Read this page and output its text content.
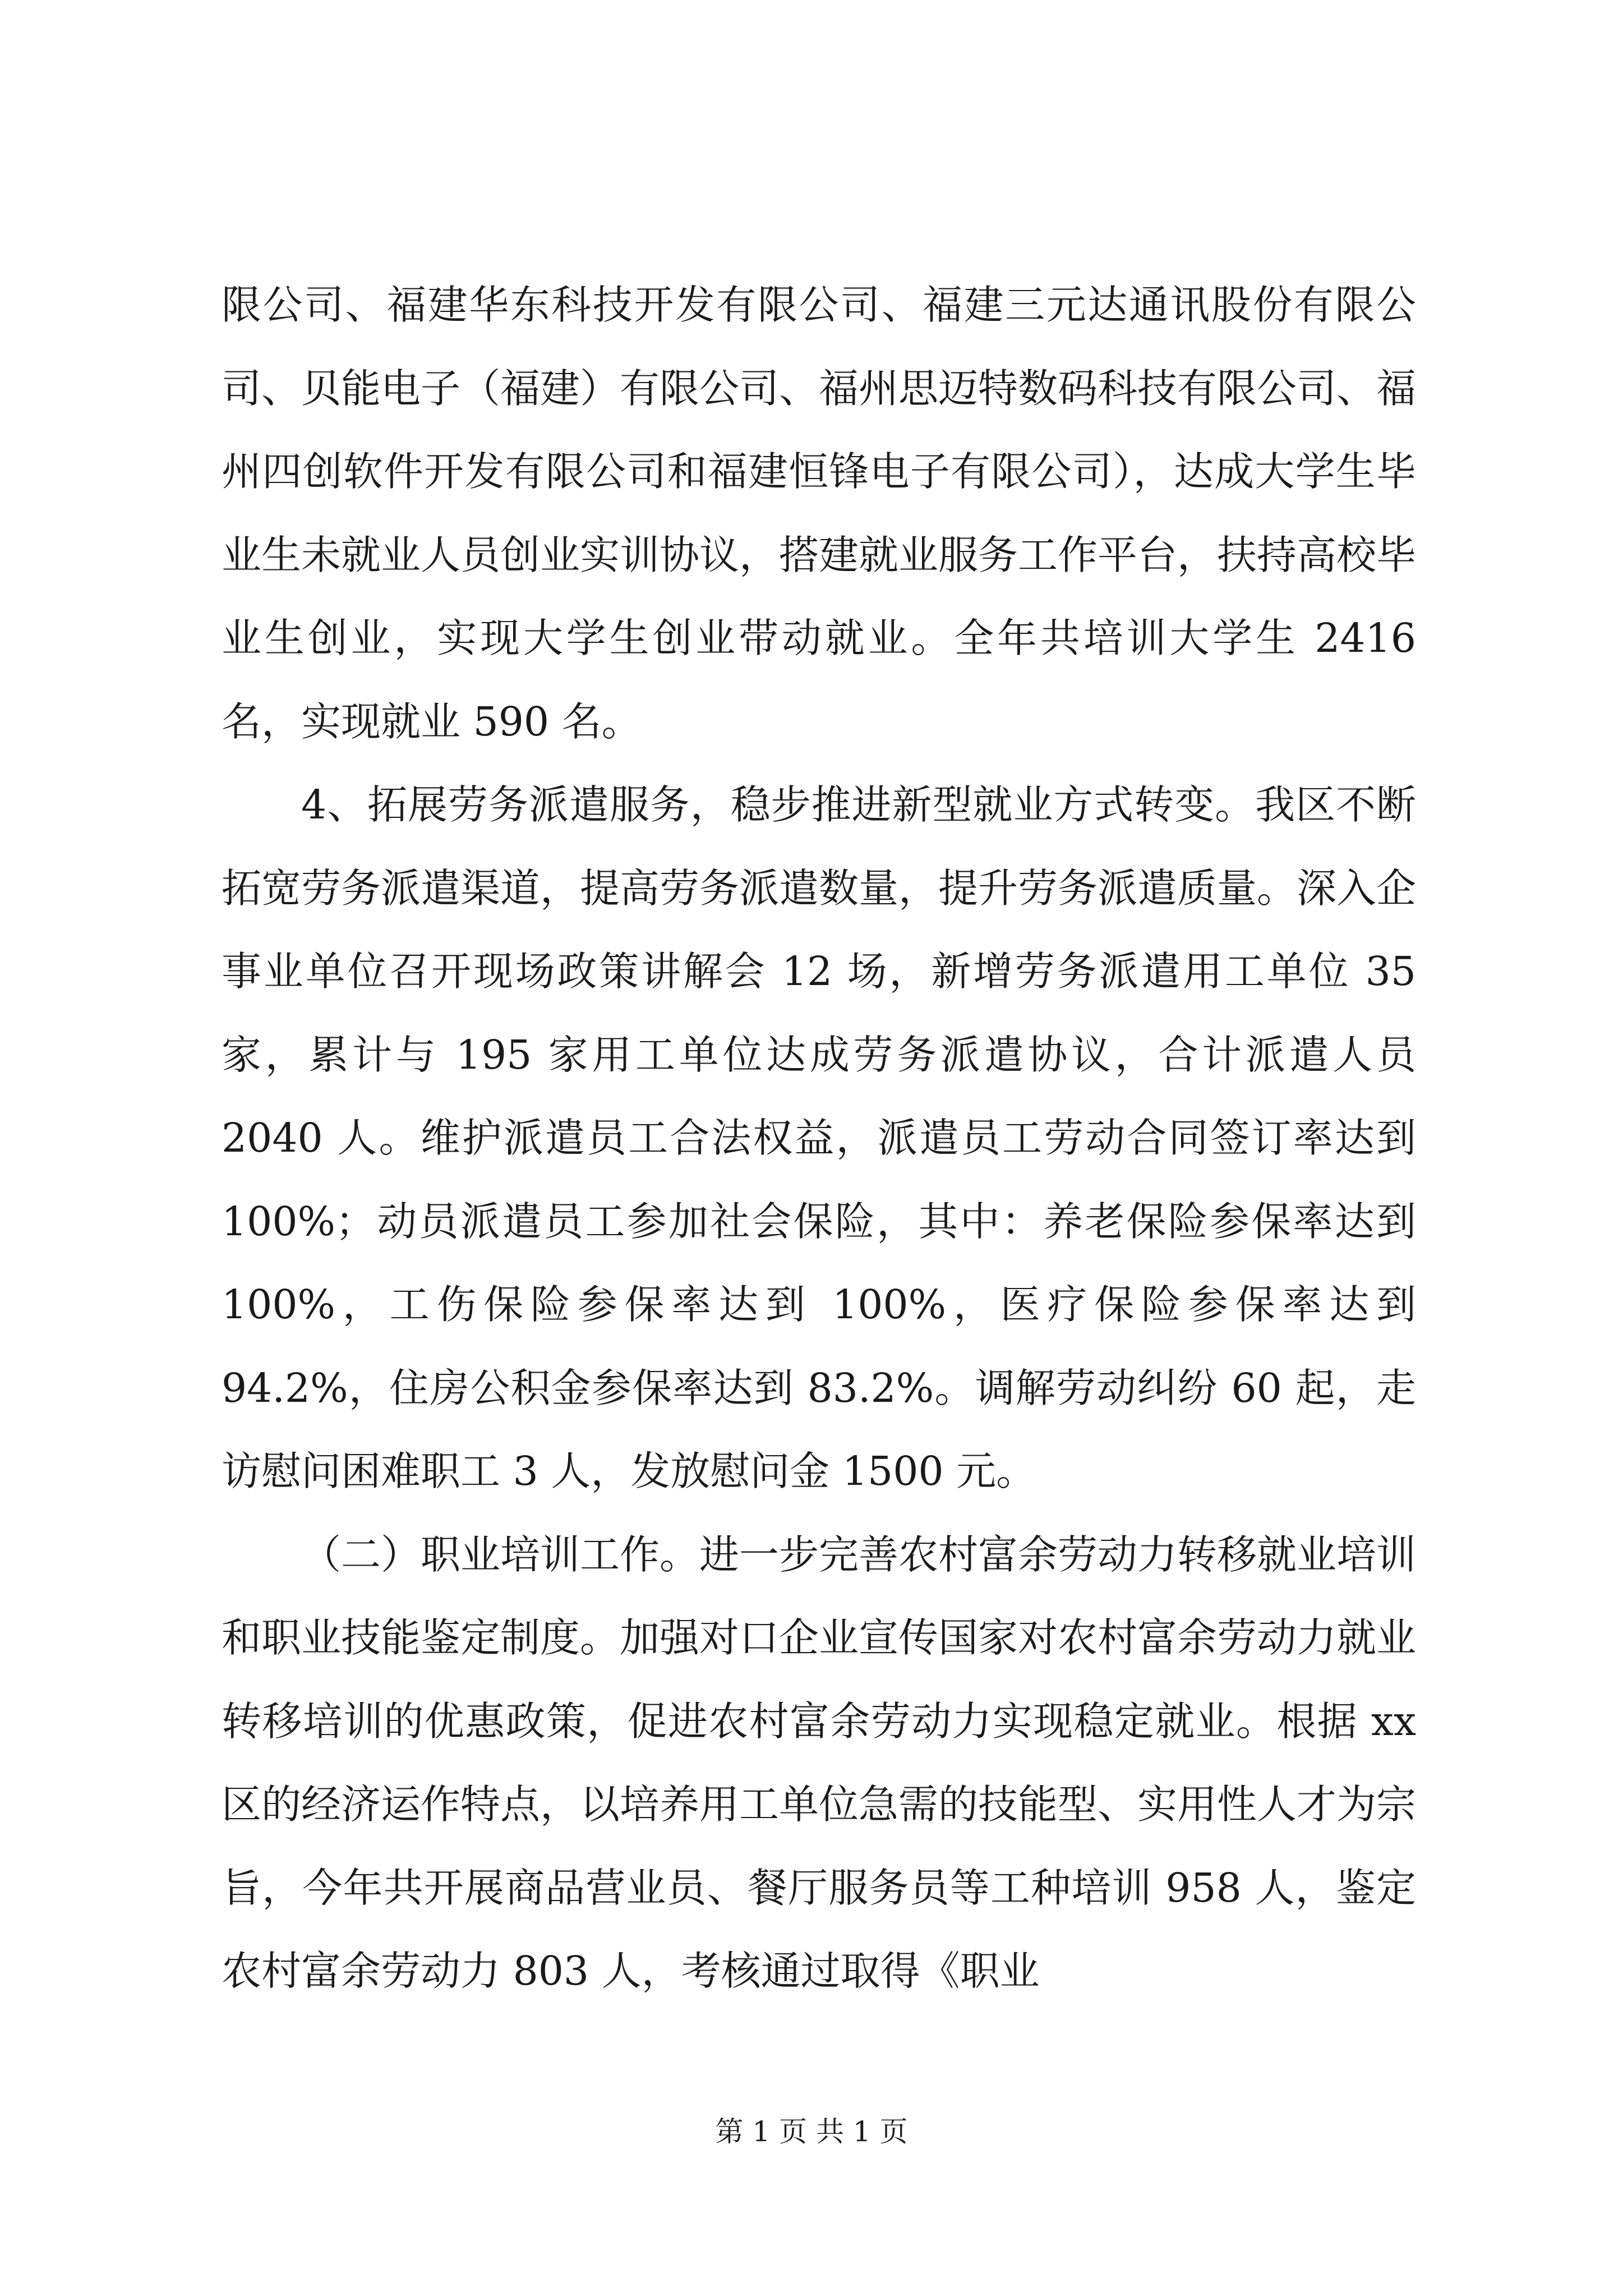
限公司、福建华东科技开发有限公司、福建三元达通讯股份有限公司、贝能电子（福建）有限公司、福州思迈特数码科技有限公司、福州四创软件开发有限公司和福建恒锋电子有限公司），达成大学生毕业生未就业人员创业实训协议，搭建就业服务工作平台，扶持高校毕业生创业，实现大学生创业带动就业。全年共培训大学生 2416 名，实现就业 590 名。

4、拓展劳务派遣服务，稳步推进新型就业方式转变。我区不断拓宽劳务派遣渠道，提高劳务派遣数量，提升劳务派遣质量。深入企事业单位召开现场政策讲解会 12 场，新增劳务派遣用工单位 35 家，累计与 195 家用工单位达成劳务派遣协议，合计派遣人员 2040 人。维护派遣员工合法权益，派遣员工劳动合同签订率达到 100%；动员派遣员工参加社会保险，其中：养老保险参保率达到 100%，工伤保险参保率达到 100%，医疗保险参保率达到 94.2%，住房公积金参保率达到 83.2%。调解劳动纠纷 60 起，走访慰问困难职工 3 人，发放慰问金 1500 元。

（二）职业培训工作。进一步完善农村富余劳动力转移就业培训和职业技能鉴定制度。加强对口企业宣传国家对农村富余劳动力就业转移培训的优惠政策，促进农村富余劳动力实现稳定就业。根据 xx 区的经济运作特点，以培养用工单位急需的技能型、实用性人才为宗旨，今年共开展商品营业员、餐厅服务员等工种培训 958 人，鉴定农村富余劳动力 803 人，考核通过取得《职业

第 1 页 共 1 页
